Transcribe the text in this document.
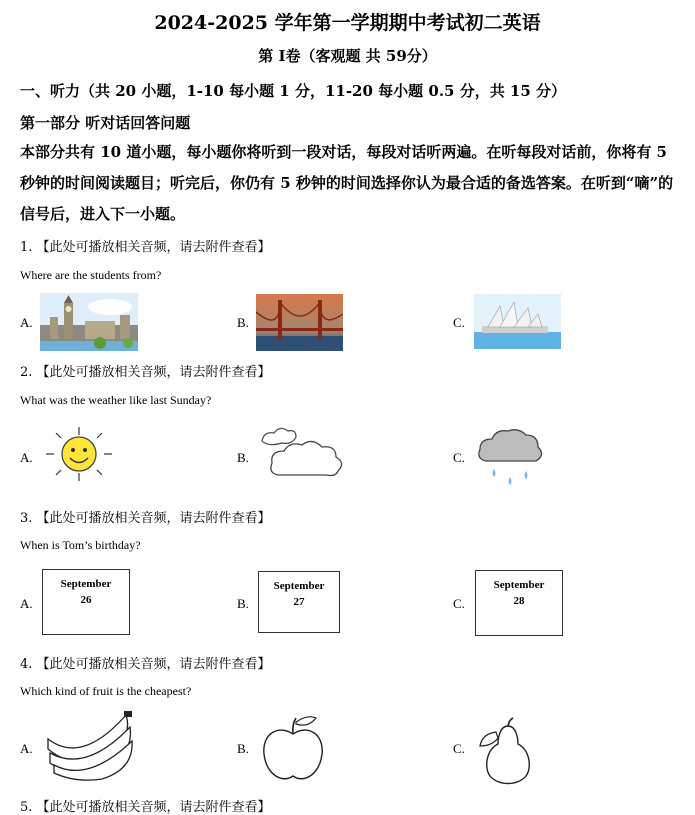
2024-2025 学年第一学期期中考试初二英语
第 I卷（客观题 共 59分）
一、听力（共 20 小题，1-10 每小题 1 分，11-20 每小题 0.5 分，共 15 分）
第一部分 听对话回答问题
本部分共有 10 道小题，每小题你将听到一段对话，每段对话听两遍。在听每段对话前，你将有 5 秒钟的时间阅读题目；听完后，你仍有 5 秒钟的时间选择你认为最合适的备选答案。在听到“嘀”的信号后，进入下一小题。
1. 【此处可播放相关音频，请去附件查看】
Where are the students from?
A.	B.	C.
2. 【此处可播放相关音频，请去附件查看】
What was the weather like last Sunday?
A.	B.	C.
3. 【此处可播放相关音频，请去附件查看】
When is Tom’s birthday?
A.	B.	C.
September
26
September
27
September
28
4. 【此处可播放相关音频，请去附件查看】
Which kind of fruit is the cheapest?
A.	B.	C.
5. 【此处可播放相关音频，请去附件查看】
